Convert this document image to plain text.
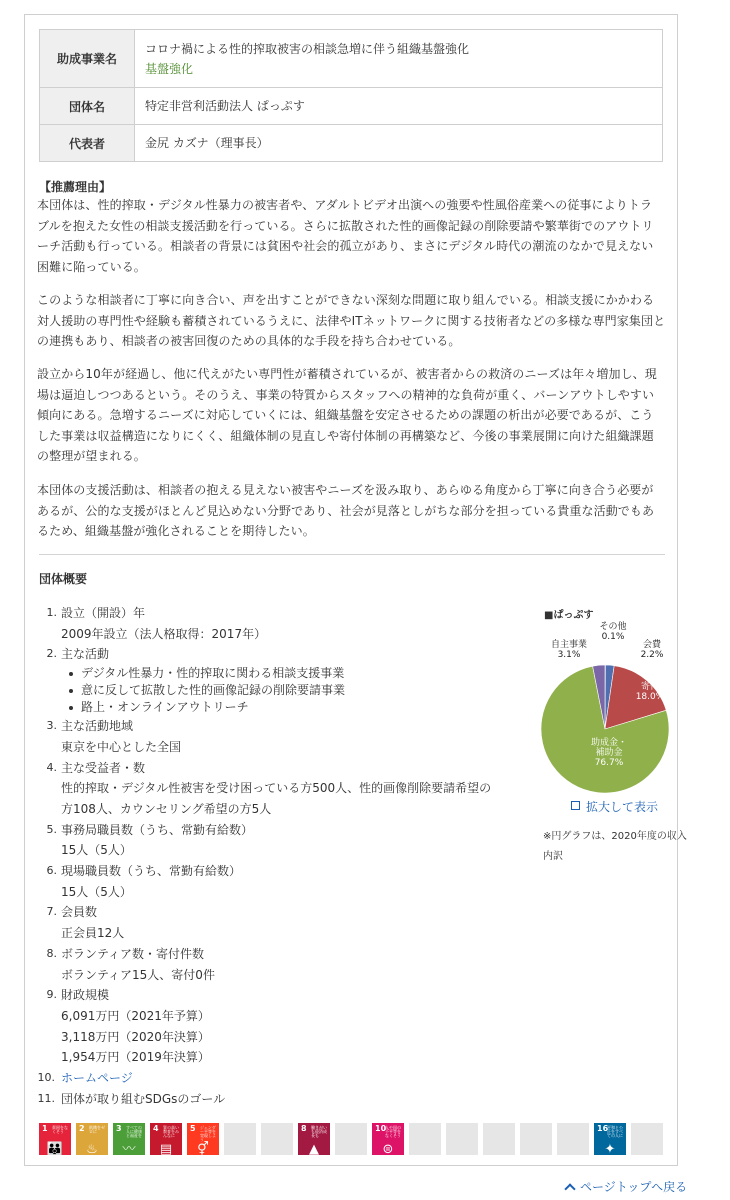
助成事業名	コロナ禍による性的搾取被害の相談急増に伴う組織基盤強化
基盤強化

団体名	特定非営利活動法人 ぱっぷす
代表者	金尻 カズナ（理事長）
【推薦理由】
本団体は、性的搾取・デジタル性暴力の被害者や、アダルトビデオ出演への強要や性風俗産業への従事によりトラ
ブルを抱えた女性の相談支援活動を行っている。さらに拡散された性的画像記録の削除要請や繁華街でのアウトリ
ーチ活動も行っている。相談者の背景には貧困や社会的孤立があり、まさにデジタル時代の潮流のなかで見えない
困難に陥っている。
このような相談者に丁寧に向き合い、声を出すことができない深刻な問題に取り組んでいる。相談支援にかかわる
対人援助の専門性や経験も蓄積されているうえに、法律やITネットワークに関する技術者などの多様な専門家集団と
の連携もあり、相談者の被害回復のための具体的な手段を持ち合わせている。
設立から10年が経過し、他に代えがたい専門性が蓄積されているが、被害者からの救済のニーズは年々増加し、現
場は逼迫しつつあるという。そのうえ、事業の特質からスタッフへの精神的な負荷が重く、バーンアウトしやすい
傾向にある。急増するニーズに対応していくには、組織基盤を安定させるための課題の析出が必要であるが、こう
した事業は収益構造になりにくく、組織体制の見直しや寄付体制の再構築など、今後の事業展開に向けた組織課題
の整理が望まれる。
本団体の支援活動は、相談者の抱える見えない被害やニーズを汲み取り、あらゆる角度から丁寧に向き合う必要が
あるが、公的な支援がほとんど見込めない分野であり、社会が見落としがちな部分を担っている貴重な活動でもあ
るため、組織基盤が強化されることを期待したい。
団体概要
1. 設立（開設）年
2009年設立（法人格取得：2017年）
2. 主な活動
デジタル性暴力・性的搾取に関わる相談支援事業
意に反して拡散した性的画像記録の削除要請事業
路上・オンラインアウトリーチ
3. 主な活動地域
東京を中心とした全国
4. 主な受益者・数
性的搾取・デジタル性被害を受け困っている方500人、性的画像削除要請希望の
方108人、カウンセリング希望の方5人
5. 事務局職員数（うち、常勤有給数）
15人（5人）
6. 現場職員数（うち、常勤有給数）
15人（5人）
7. 会員数
正会員12人
8. ボランティア数・寄付件数
ボランティア15人、寄付0件
9. 財政規模
6,091万円（2021年予算）
3,118万円（2020年決算）
1,954万円（2019年決算）
10. ホームページ
11. 団体が取り組むSDGsのゴール
■ぱっぷす
その他
0.1%
会費
2.2%
寄付
18.0%
助成金・
補助金
76.7%
自主事業
3.1%
拡大して表示
※円グラフは、2020年度の収入内訳
1 貧困をなくそう
👪
2 飢餓をゼロに
♨
3 すべての人に健康と福祉を
〰
4 質の高い教育をみんなに
▤
5 ジェンダー平等を実現しよう
⚥
8 働きがいも経済成長も
▲
10
人や国の不平等をなくそう
⊜
16
平和と公正をすべての人に
✦
ページトップへ戻る
